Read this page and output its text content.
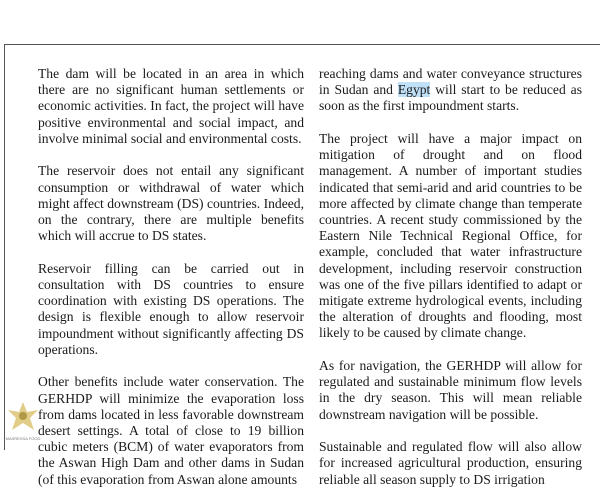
The dam will be located in an area in which there are no significant human settlements or economic activities. In fact, the project will have positive environmental and social impact, and involve minimal social and environmental costs.

The reservoir does not entail any significant consumption or withdrawal of water which might affect downstream (DS) countries. Indeed, on the contrary, there are multiple benefits which will accrue to DS states.

Reservoir filling can be carried out in consultation with DS countries to ensure coordination with existing DS operations. The design is flexible enough to allow reservoir impoundment without significantly affecting DS operations.

Other benefits include water conservation. The GERHDP will minimize the evaporation loss from dams located in less favorable downstream desert settings. A total of close to 19 billion cubic meters (BCM) of water evaporators from the Aswan High Dam and other dams in Sudan (of this evaporation from Aswan alone amounts

reaching dams and water conveyance structures in Sudan and Egypt will start to be reduced as soon as the first impoundment starts.

The project will have a major impact on mitigation of drought and on flood management. A number of important studies indicated that semi-arid and arid countries to be more affected by climate change than temperate countries. A recent study commissioned by the Eastern Nile Technical Regional Office, for example, concluded that water infrastructure development, including reservoir construction was one of the five pillars identified to adapt or mitigate extreme hydrological events, including the alteration of droughts and flooding, most likely to be caused by climate change.

As for navigation, the GERHDP will allow for regulated and sustainable minimum flow levels in the dry season. This will mean reliable downstream navigation will be possible.

Sustainable and regulated flow will also allow for increased agricultural production, ensuring reliable all season supply to DS irrigation

MASRESSA FOOD
